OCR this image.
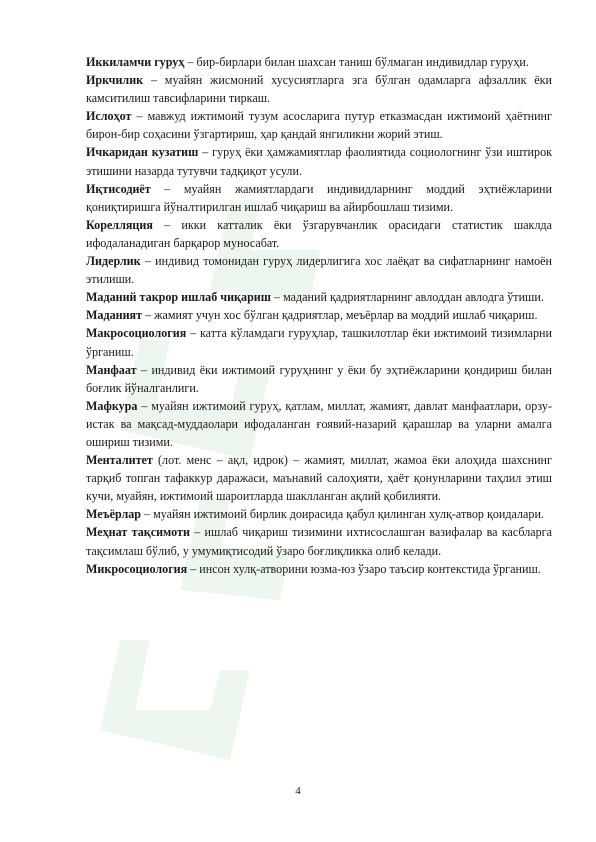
Иккиламчи гуруҳ – бир-бирлари билан шахсан таниш бўлмаган индивидлар гуруҳи.

Иркчилик – муайян жисмоний хусусиятларга эга бўлган одамларга афзаллик ёки камситилиш тавсифларини тиркаш.

Ислоҳот – мавжуд ижтимоий тузум асосларига путур етказмасдан ижтимоий ҳаётнинг бирон-бир соҳасини ўзгартириш, ҳар қандай янгиликни жорий этиш.

Ичкаридан кузатиш – гуруҳ ёки ҳамжамиятлар фаолиятида социологнинг ўзи иштирок этишини назарда тутувчи тадқиқот усули.

Иқтисодиёт – муайян жамиятлардаги индивидларнинг моддий эҳтиёжларини қониқтиришга йўналтирилган ишлаб чиқариш ва айирбошлаш тизими.

Корелляция – икки катталик ёки ўзгарувчанлик орасидаги статистик шаклда ифодаланадиган барқарор муносабат.

Лидерлик – индивид томонидан гуруҳ лидерлигига хос лаёқат ва сифатларнинг намоён этилиши.

Маданий такрор ишлаб чиқариш – маданий қадриятларнинг авлоддан авлодга ўтиши.

Маданият – жамият учун хос бўлган қадриятлар, меъёрлар ва моддий ишлаб чиқариш.

Макросоциология – катта кўламдаги гуруҳлар, ташкилотлар ёки ижтимоий тизимларни ўрганиш.

Манфаат – индивид ёки ижтимоий гуруҳнинг у ёки бу эҳтиёжларини қондириш билан боғлик йўналганлиги.

Мафкура – муайян ижтимоий гуруҳ, қатлам, миллат, жамият, давлат манфаатлари, орзу-истак ва мақсад-муддаолари ифодаланган ғоявий-назарий қарашлар ва уларни амалга ошириш тизими.

Менталитет (лот. менс – ақл, идрок) – жамият, миллат, жамоа ёки алоҳида шахснинг тарқиб топган тафаккур даражаси, маънавий салоҳияти, ҳаёт қонунларини таҳлил этиш кучи, муайян, ижтимоий шароитларда шаклланган ақлий қобилияти.

Меъёрлар – муайян ижтимоий бирлик доирасида қабул қилинган хулқ-атвор қоидалари.

Меҳнат тақсимоти – ишлаб чиқариш тизимини ихтисослашган вазифалар ва касбларга тақсимлаш бўлиб, у умумиқтисодий ўзаро боғлиқликка олиб келади.

Микросоциология – инсон хулқ-атворини юзма-юз ўзаро таъсир контекстида ўрганиш.

4
